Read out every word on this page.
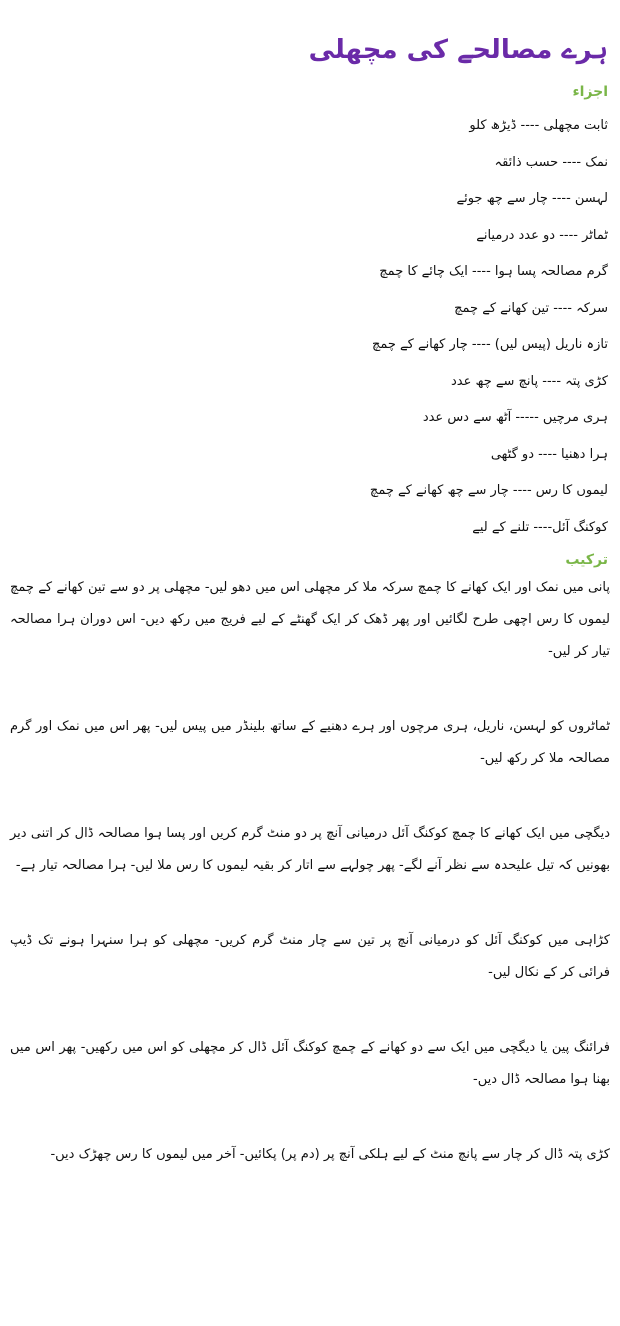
ہرے مصالحے کی مچھلی
اجزاء
ثابت مچھلی ---- ڈیڑھ کلو
نمک ---- حسب ذائقہ
لہسن ---- چار سے چھ جوئے
ٹماٹر ---- دو عدد درمیانے
گرم مصالحہ پسا ہوا ---- ایک چائے کا چمچ
سرکہ ---- تین کھانے کے چمچ
تازہ ناریل (پیس لیں) ---- چار کھانے کے چمچ
کڑی پتہ ---- پانچ سے چھ عدد
ہری مرچیں ----- آٹھ سے دس عدد
ہرا دھنیا ---- دو گٹھی
لیموں کا رس ---- چار سے چھ کھانے کے چمچ
کوکنگ آئل---- تلنے کے لیے
ترکیب

پانی میں نمک اور ایک کھانے کا چمچ سرکہ ملا کر مچھلی اس میں دھو لیں- مچھلی پر دو سے تین کھانے کے چمچ لیموں کا رس اچھی طرح لگائیں اور پھر ڈھک کر ایک گھنٹے کے لیے فریج میں رکھ دیں- اس دوران ہرا مصالحہ تیار کر لیں-

ٹماٹروں کو لہسن، ناریل، ہری مرچوں اور ہرے دھنیے کے ساتھ بلینڈر میں پیس لیں- پھر اس میں نمک اور گرم مصالحہ ملا کر رکھ لیں-

دیگچی میں ایک کھانے کا چمچ کوکنگ آئل درمیانی آنچ پر دو منٹ گرم کریں اور پسا ہوا مصالحہ ڈال کر اتنی دیر بھونیں کہ تیل علیحدہ سے نظر آنے لگے- پھر چولہے سے اتار کر بقیہ لیموں کا رس ملا لیں- ہرا مصالحہ تیار ہے-

کڑاہی میں کوکنگ آئل کو درمیانی آنچ پر تین سے چار منٹ گرم کریں- مچھلی کو ہرا سنہرا ہونے تک ڈیپ فرائی کر کے نکال لیں-

فرائنگ پین یا دیگچی میں ایک سے دو کھانے کے چمچ کوکنگ آئل ڈال کر مچھلی کو اس میں رکھیں- پھر اس میں بھنا ہوا مصالحہ ڈال دیں-

کڑی پتہ ڈال کر چار سے پانچ منٹ کے لیے ہلکی آنچ پر (دم پر) پکائیں- آخر میں لیموں کا رس چھڑک دیں-
